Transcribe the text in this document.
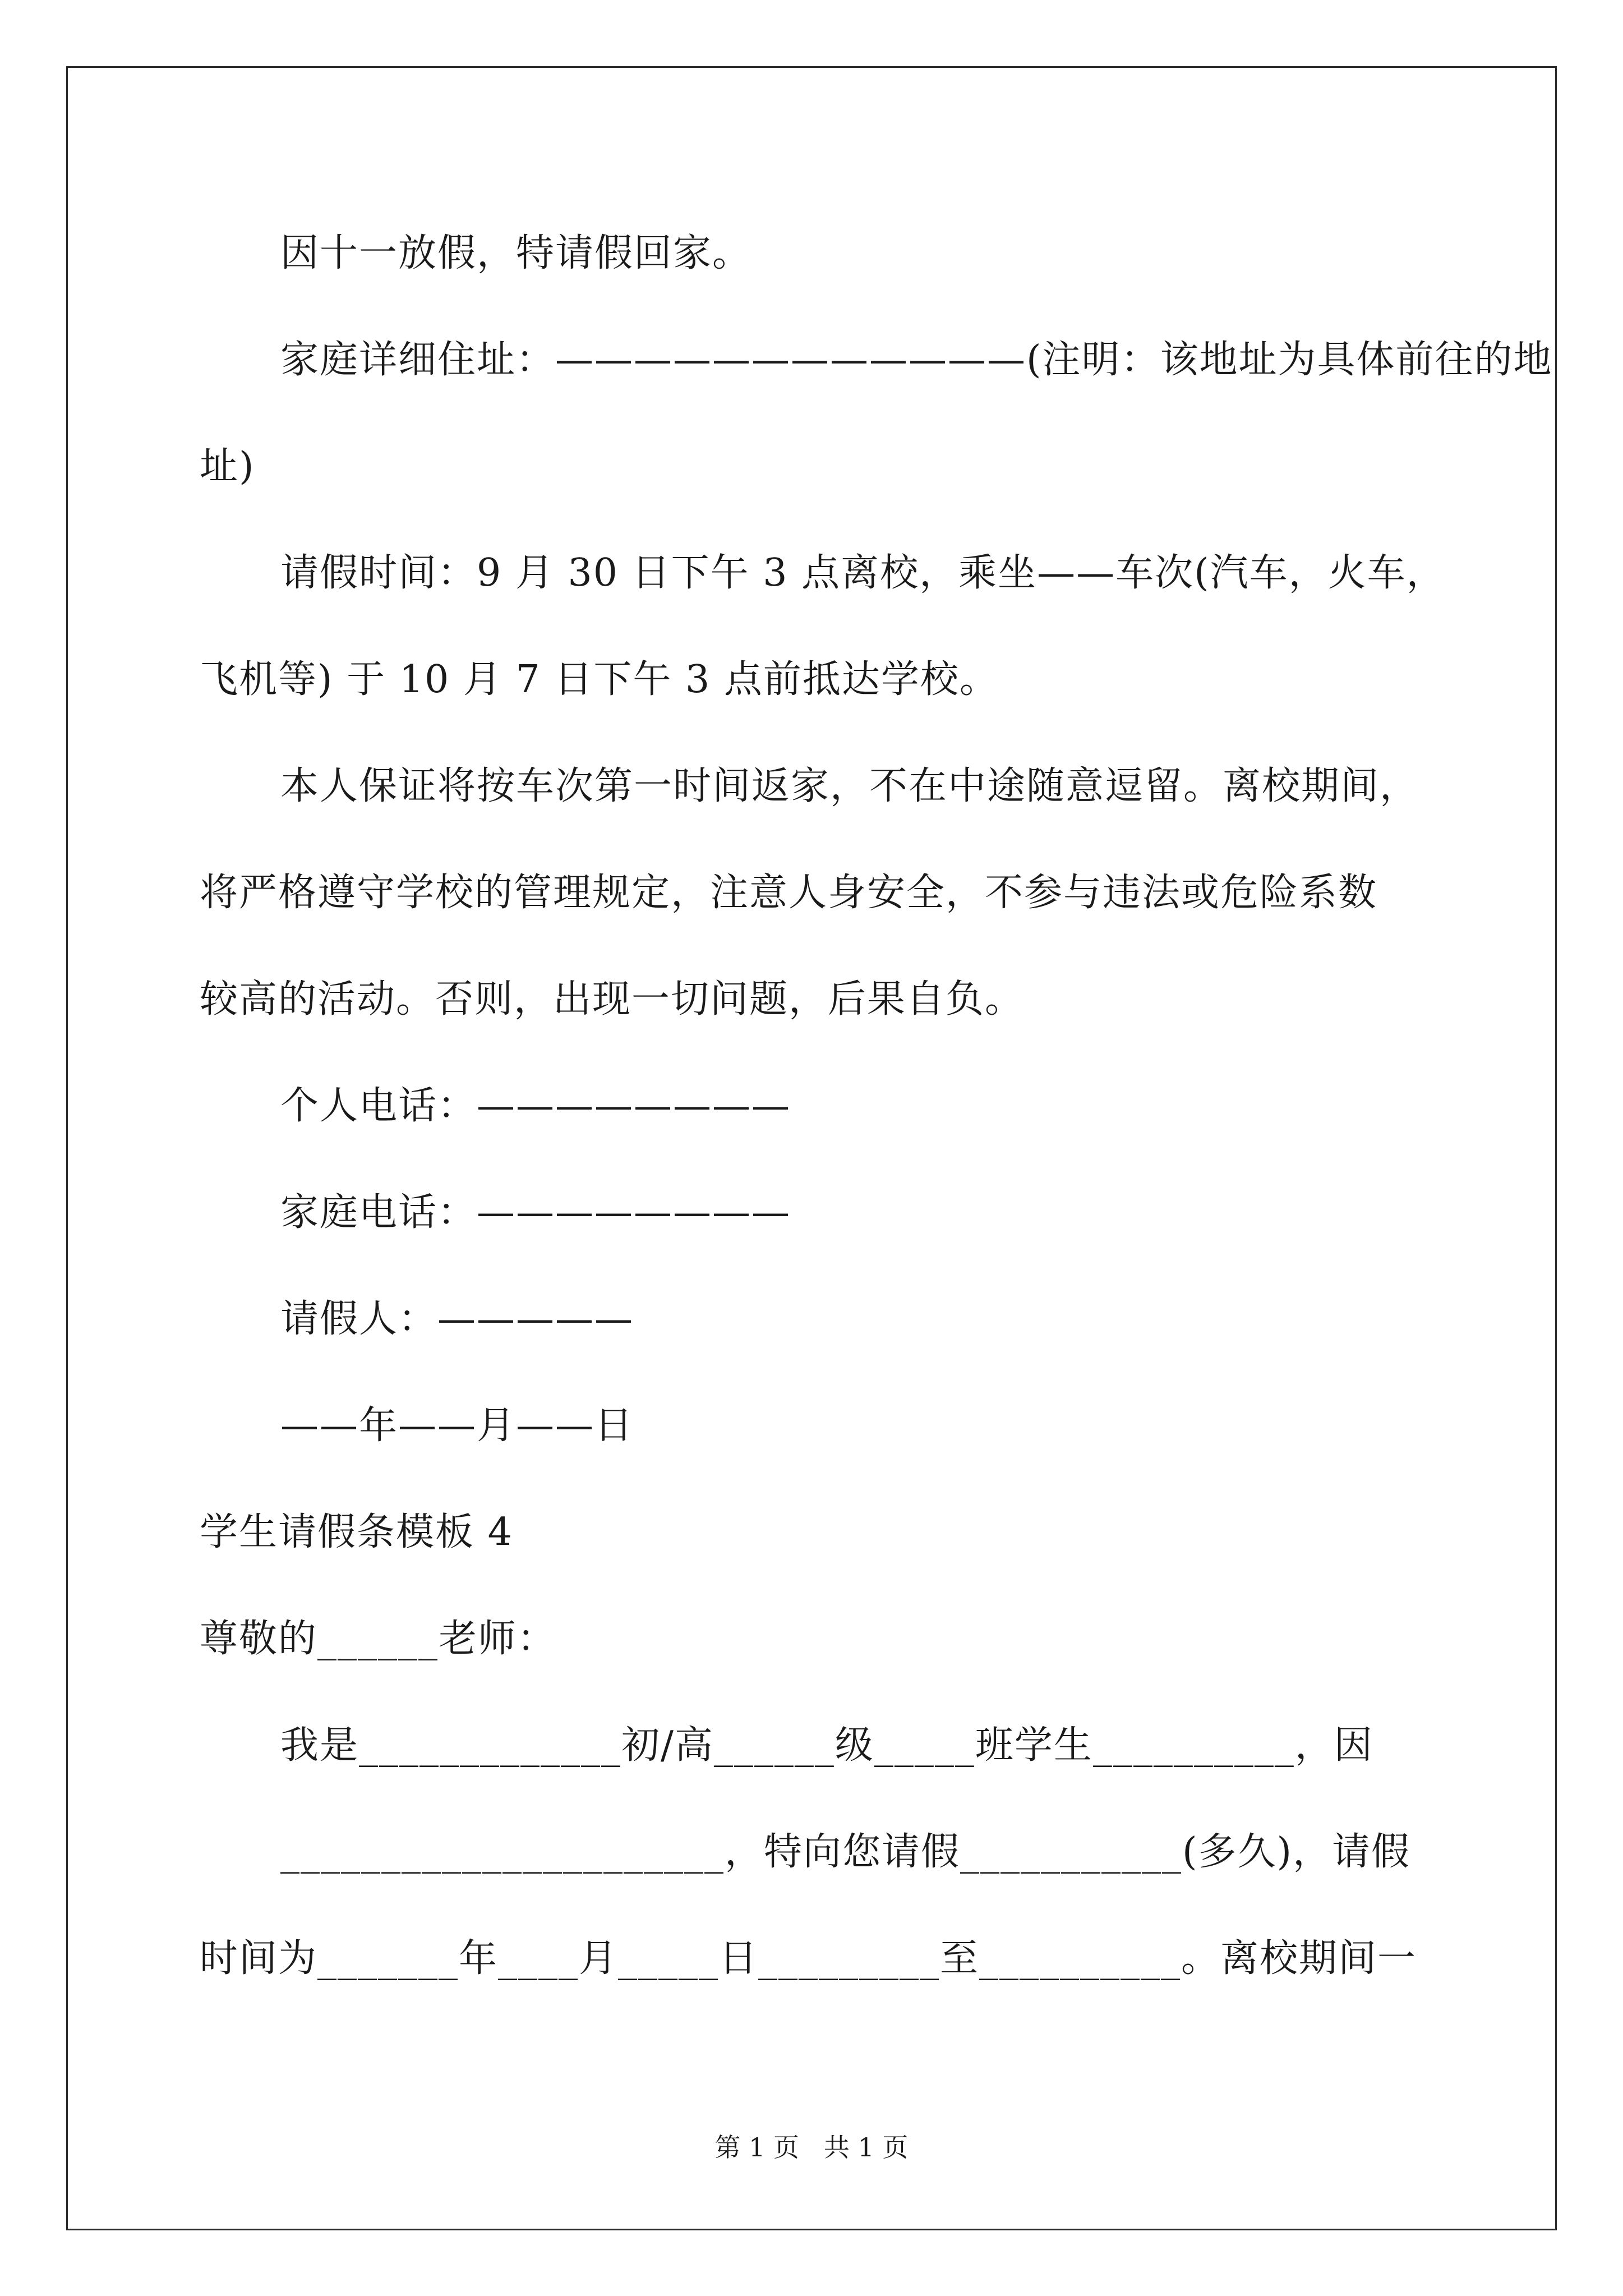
因十一放假，特请假回家。
家庭详细住址：————————————(注明：该地址为具体前往的地
址)
请假时间：9 月 30 日下午 3 点离校，乘坐——车次(汽车，火车，
飞机等) 于 10 月 7 日下午 3 点前抵达学校。
本人保证将按车次第一时间返家，不在中途随意逗留。离校期间，
将严格遵守学校的管理规定，注意人身安全，不参与违法或危险系数
较高的活动。否则，出现一切问题，后果自负。
个人电话：————————
家庭电话：————————
请假人：—————
——年——月——日
学生请假条模板 4
尊敬的______老师：
我是_____________初/高______级_____班学生__________，因
______________________，特向您请假___________(多久)，请假
时间为_______年____月_____日_________至__________。离校期间一
第 1 页   共 1 页
